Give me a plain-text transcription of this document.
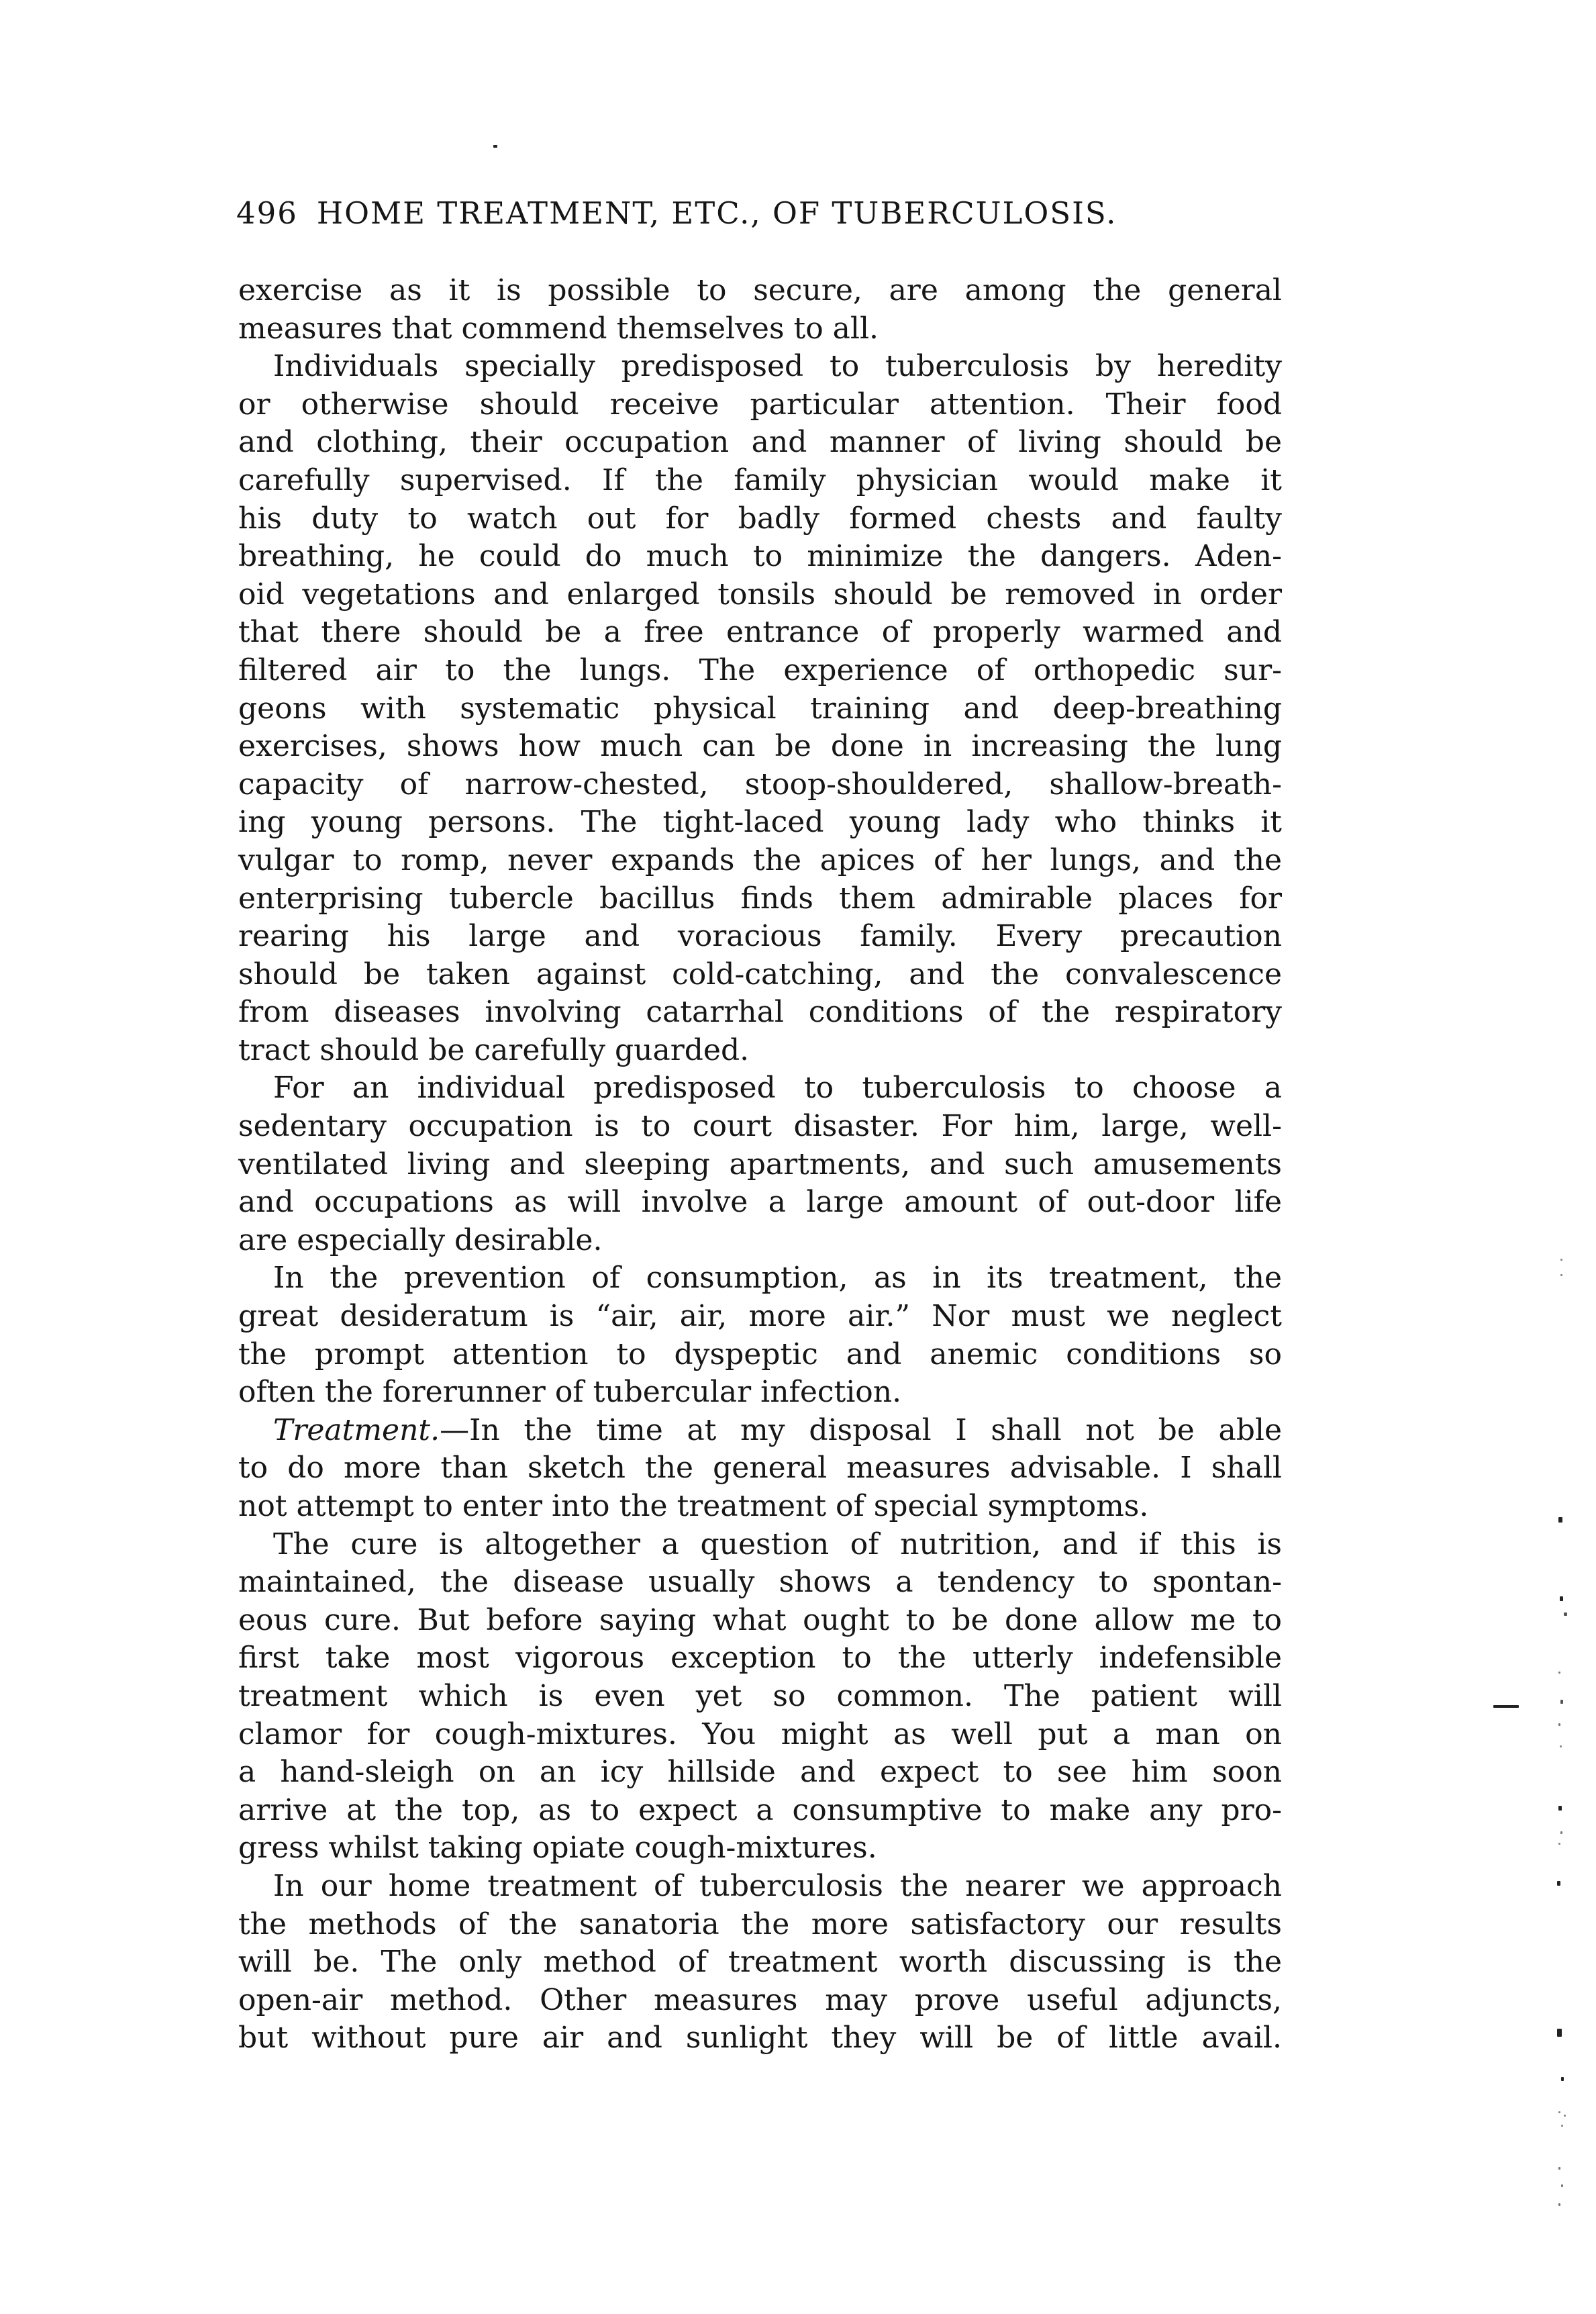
496 HOME TREATMENT, ETC., OF TUBERCULOSIS.
exercise as it is possible to secure, are among the general
measures that commend themselves to all.
Individuals specially predisposed to tuberculosis by heredity
or otherwise should receive particular attention. Their food
and clothing, their occupation and manner of living should be
carefully supervised. If the family physician would make it
his duty to watch out for badly formed chests and faulty
breathing, he could do much to minimize the dangers. Aden-
oid vegetations and enlarged tonsils should be removed in order
that there should be a free entrance of properly warmed and
filtered air to the lungs. The experience of orthopedic sur-
geons with systematic physical training and deep-breathing
exercises, shows how much can be done in increasing the lung
capacity of narrow-chested, stoop-shouldered, shallow-breath-
ing young persons. The tight-laced young lady who thinks it
vulgar to romp, never expands the apices of her lungs, and the
enterprising tubercle bacillus finds them admirable places for
rearing his large and voracious family. Every precaution
should be taken against cold-catching, and the convalescence
from diseases involving catarrhal conditions of the respiratory
tract should be carefully guarded.
For an individual predisposed to tuberculosis to choose a
sedentary occupation is to court disaster. For him, large, well-
ventilated living and sleeping apartments, and such amusements
and occupations as will involve a large amount of out-door life
are especially desirable.
In the prevention of consumption, as in its treatment, the
great desideratum is “air, air, more air.” Nor must we neglect
the prompt attention to dyspeptic and anemic conditions so
often the forerunner of tubercular infection.
Treatment.—In the time at my disposal I shall not be able
to do more than sketch the general measures advisable. I shall
not attempt to enter into the treatment of special symptoms.
The cure is altogether a question of nutrition, and if this is
maintained, the disease usually shows a tendency to spontan-
eous cure. But before saying what ought to be done allow me to
first take most vigorous exception to the utterly indefensible
treatment which is even yet so common. The patient will
clamor for cough-mixtures. You might as well put a man on
a hand-sleigh on an icy hillside and expect to see him soon
arrive at the top, as to expect a consumptive to make any pro-
gress whilst taking opiate cough-mixtures.
In our home treatment of tuberculosis the nearer we approach
the methods of the sanatoria the more satisfactory our results
will be. The only method of treatment worth discussing is the
open-air method. Other measures may prove useful adjuncts,
but without pure air and sunlight they will be of little avail.
